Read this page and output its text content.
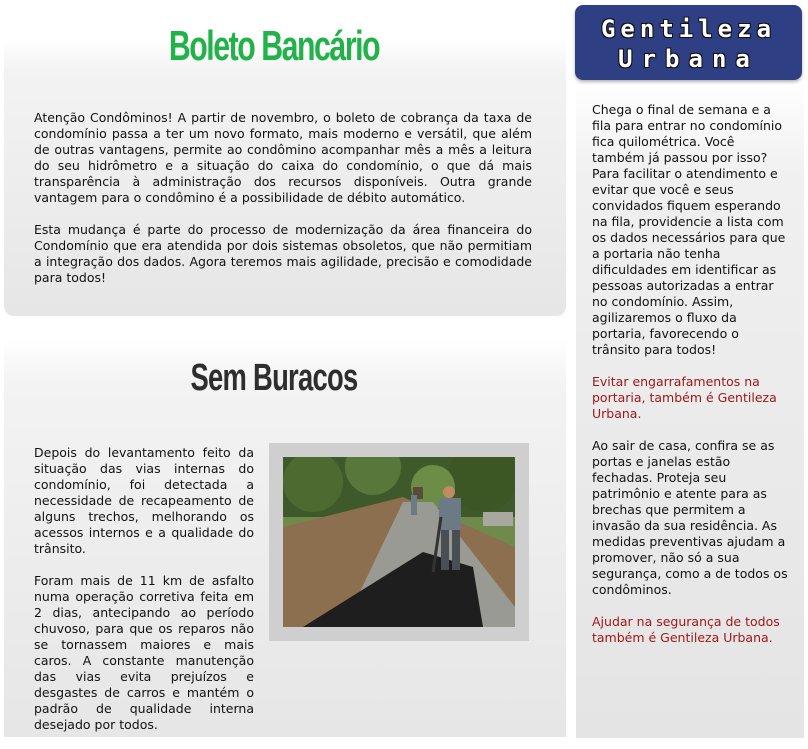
Boleto Bancário

Atenção Condôminos! A partir de novembro, o boleto de cobrança da taxa de condomínio passa a ter um novo formato, mais moderno e versátil, que além de outras vantagens, permite ao condômino acompanhar mês a mês a leitura do seu hidrômetro e a situação do caixa do condomínio, o que dá mais transparência à administração dos recursos disponíveis. Outra grande vantagem para o condômino é a possibilidade de débito automático.

Esta mudança é parte do processo de modernização da área financeira do Condomínio que era atendida por dois sistemas obsoletos, que não permitiam a integração dos dados. Agora teremos mais agilidade, precisão e comodidade para todos!

Sem Buracos

Depois do levantamento feito da situação das vias internas do condomínio, foi detectada a necessidade de recapeamento de alguns trechos, melhorando os acessos internos e a qualidade do trânsito.

Foram mais de 11 km de asfalto numa operação corretiva feita em 2 dias, antecipando ao período chuvoso, para que os reparos não se tornassem maiores e mais caros. A constante manutenção das vias evita prejuízos e desgastes de carros e mantém o padrão de qualidade interna desejado por todos.

Gentileza
Urbana

Chega o final de semana e a fila para entrar no condomínio fica quilométrica. Você também já passou por isso? Para facilitar o atendimento e evitar que você e seus convidados fiquem esperando na fila, providencie a lista com os dados necessários para que a portaria não tenha dificuldades em identificar as pessoas autorizadas a entrar no condomínio. Assim, agilizaremos o fluxo da portaria, favorecendo o trânsito para todos!

Evitar engarrafamentos na portaria, também é Gentileza Urbana.

Ao sair de casa, confira se as portas e janelas estão fechadas. Proteja seu patrimônio e atente para as brechas que permitem a invasão da sua residência. As medidas preventivas ajudam a promover, não só a sua segurança, como a de todos os condôminos.

Ajudar na segurança de todos também é Gentileza Urbana.
